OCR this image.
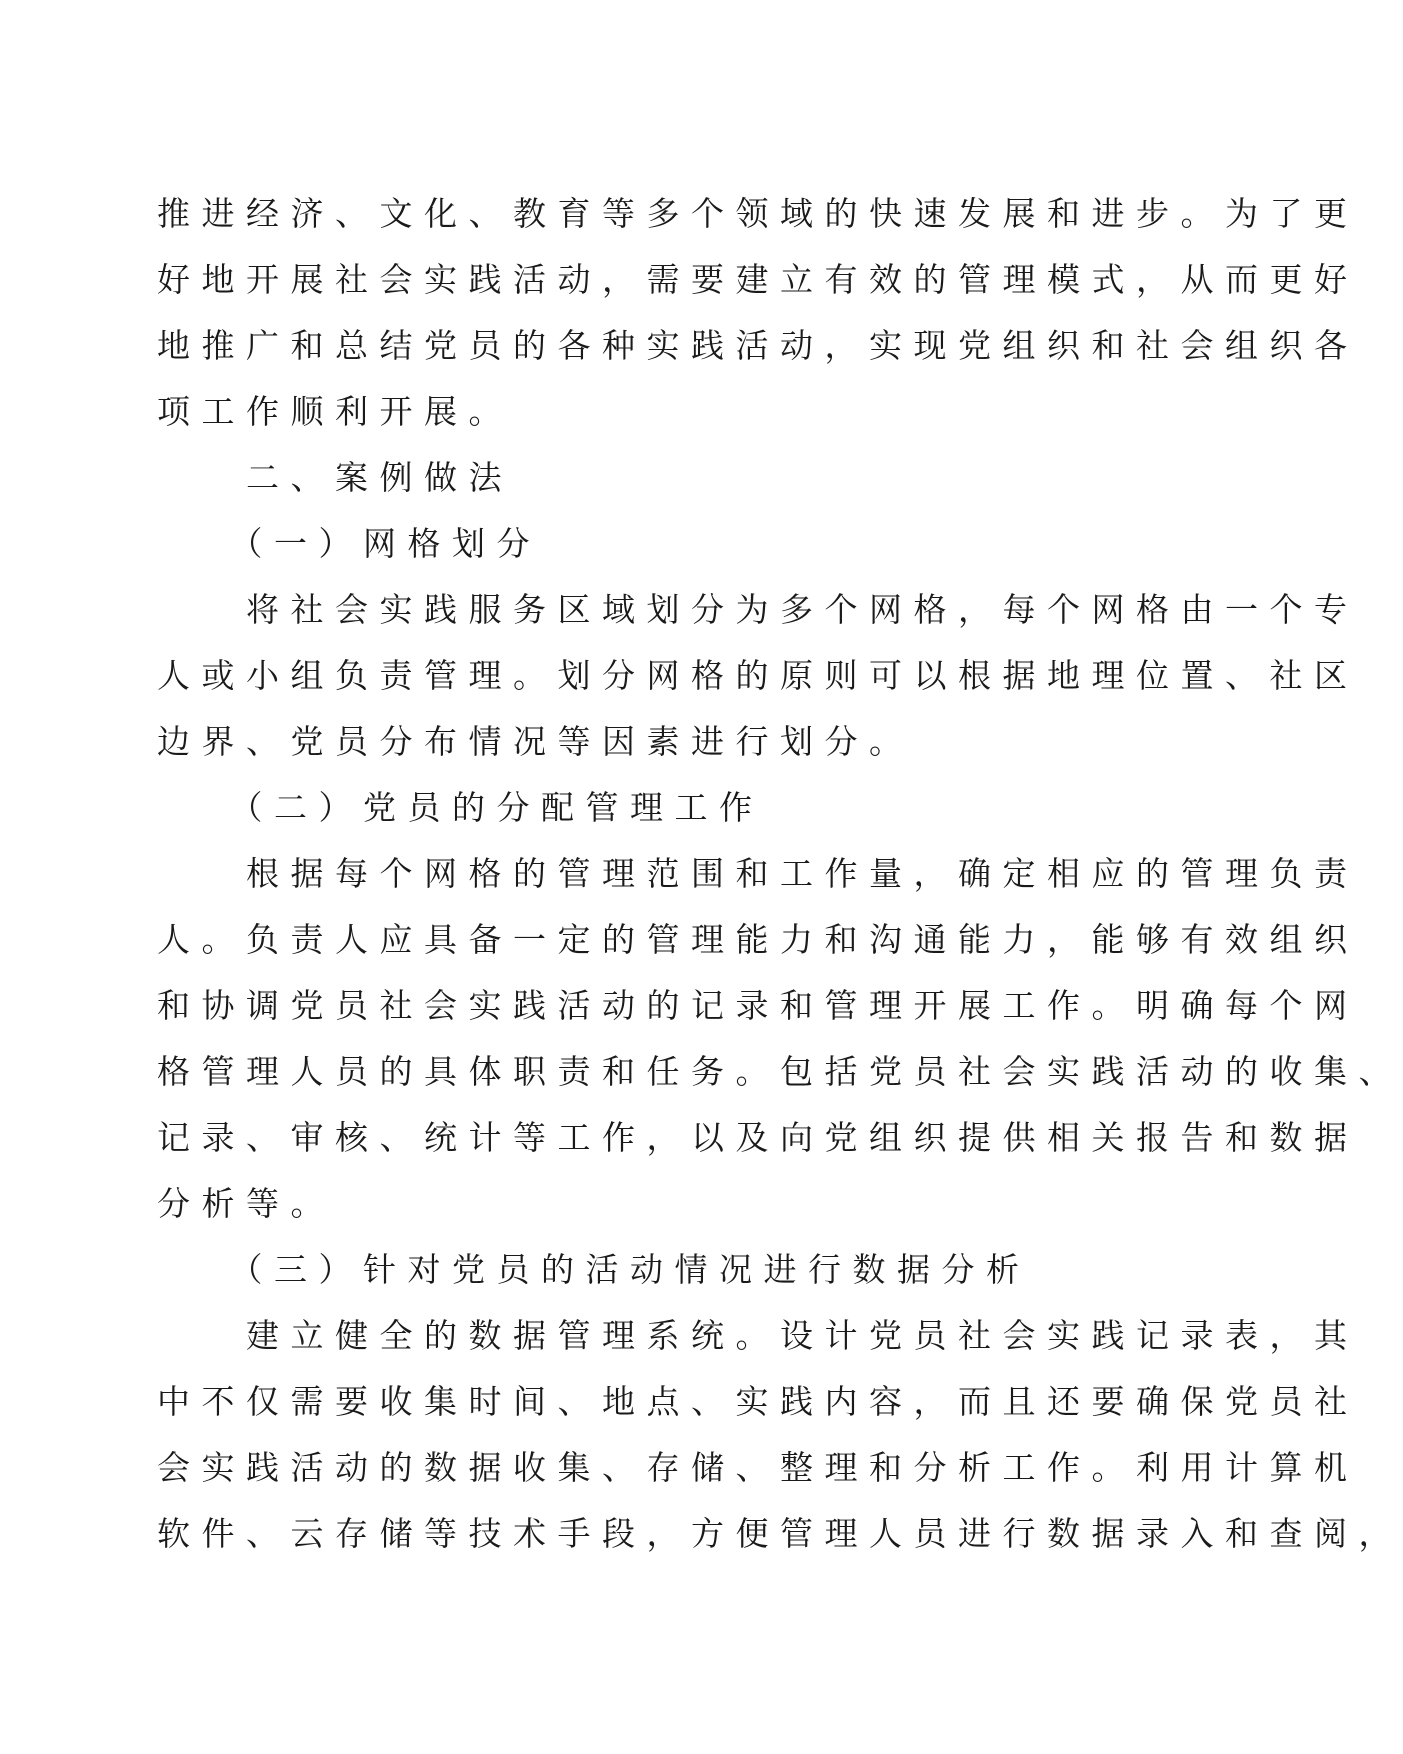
推进经济、文化、教育等多个领域的快速发展和进步。为了更

好地开展社会实践活动，需要建立有效的管理模式，从而更好

地推广和总结党员的各种实践活动，实现党组织和社会组织各

项工作顺利开展。

　　二、案例做法

　　（一）网格划分

　　将社会实践服务区域划分为多个网格，每个网格由一个专

人或小组负责管理。划分网格的原则可以根据地理位置、社区

边界、党员分布情况等因素进行划分。

　　（二）党员的分配管理工作

　　根据每个网格的管理范围和工作量，确定相应的管理负责

人。负责人应具备一定的管理能力和沟通能力，能够有效组织

和协调党员社会实践活动的记录和管理开展工作。明确每个网

格管理人员的具体职责和任务。包括党员社会实践活动的收集、

记录、审核、统计等工作，以及向党组织提供相关报告和数据

分析等。

　　（三）针对党员的活动情况进行数据分析

　　建立健全的数据管理系统。设计党员社会实践记录表，其

中不仅需要收集时间、地点、实践内容，而且还要确保党员社

会实践活动的数据收集、存储、整理和分析工作。利用计算机

软件、云存储等技术手段，方便管理人员进行数据录入和查阅，
